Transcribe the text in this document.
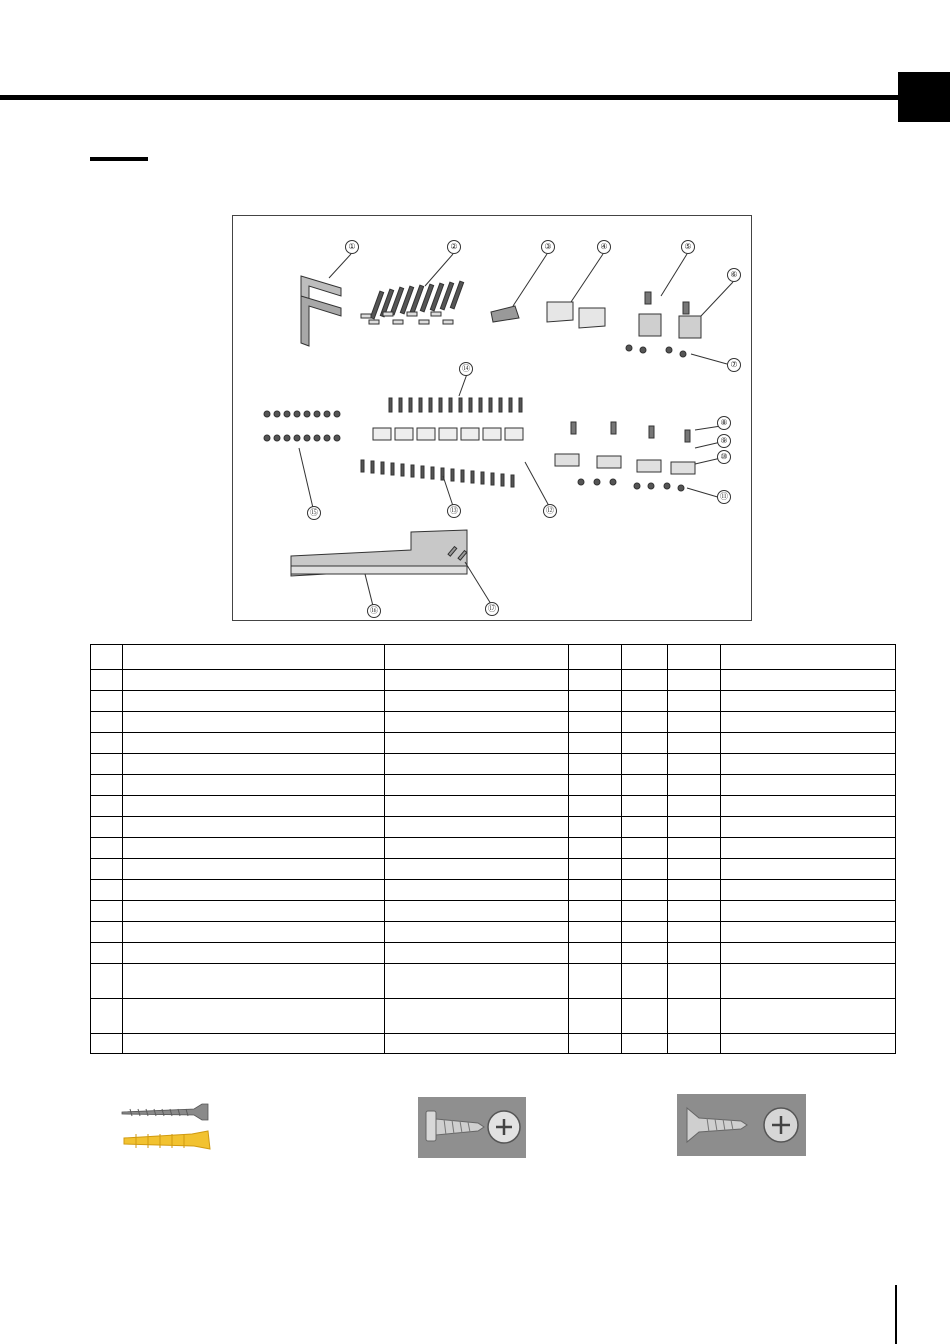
①	②	③	④	⑤
⑥
⑦
⑧
⑨
⑩
⑪
⑫
⑬
⑭
⑮
⑯	⑰
